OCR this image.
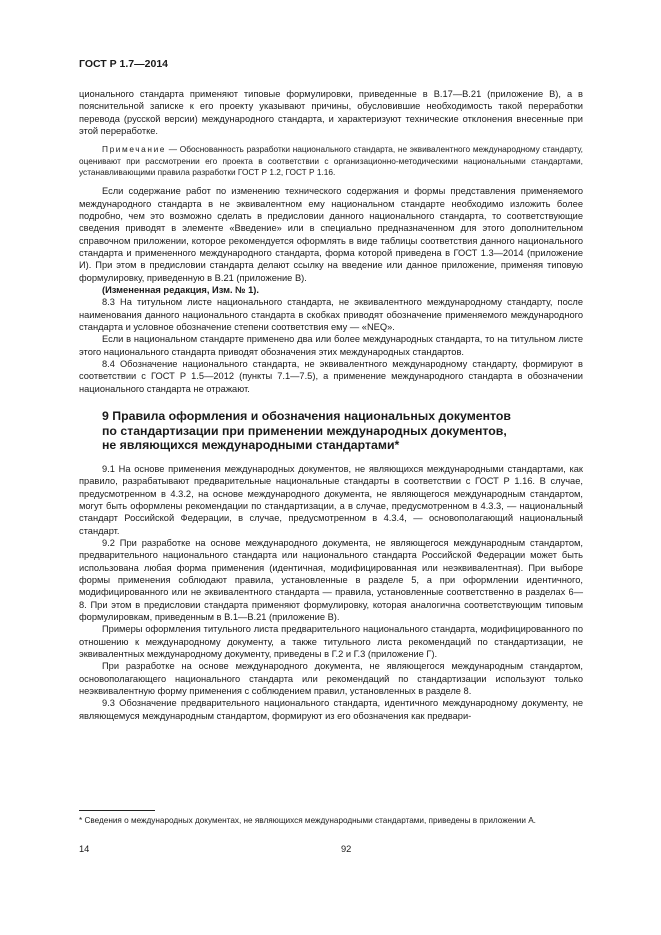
ГОСТ Р 1.7—2014

ционального стандарта применяют типовые формулировки, приведенные в В.17—В.21 (приложение В), а в пояснительной записке к его проекту указывают причины, обусловившие необходимость такой переработки перевода (русской версии) международного стандарта, и характеризуют технические отклонения внесенные при этой переработке.

Примечание — Обоснованность разработки национального стандарта, не эквивалентного международному стандарту, оценивают при рассмотрении его проекта в соответствии с организационно-методическими национальными стандартами, устанавливающими правила разработки ГОСТ Р 1.2, ГОСТ Р 1.16.

Если содержание работ по изменению технического содержания и формы представления применяемого международного стандарта в не эквивалентном ему национальном стандарте необходимо изложить более подробно, чем это возможно сделать в предисловии данного национального стандарта, то соответствующие сведения приводят в элементе «Введение» или в специально предназначенном для этого дополнительном справочном приложении, которое рекомендуется оформлять в виде таблицы соответствия данного национального стандарта и примененного международного стандарта, форма которой приведена в ГОСТ 1.3—2014 (приложение И). При этом в предисловии стандарта делают ссылку на введение или данное приложение, применяя типовую формулировку, приведенную в В.21 (приложение В).

(Измененная редакция, Изм. № 1).

8.3 На титульном листе национального стандарта, не эквивалентного международному стандарту, после наименования данного национального стандарта в скобках приводят обозначение применяемого международного стандарта и условное обозначение степени соответствия ему — «NEQ».

Если в национальном стандарте применено два или более международных стандарта, то на титульном листе этого национального стандарта приводят обозначения этих международных стандартов.

8.4 Обозначение национального стандарта, не эквивалентного международному стандарту, формируют в соответствии с ГОСТ Р 1.5—2012 (пункты 7.1—7.5), а применение международного стандарта в обозначении национального стандарта не отражают.

9 Правила оформления и обозначения национальных документов
по стандартизации при применении международных документов,
не являющихся международными стандартами*

9.1 На основе применения международных документов, не являющихся международными стандартами, как правило, разрабатывают предварительные национальные стандарты в соответствии с ГОСТ Р 1.16. В случае, предусмотренном в 4.3.2, на основе международного документа, не являющегося международным стандартом, могут быть оформлены рекомендации по стандартизации, а в случае, предусмотренном в 4.3.3, — национальный стандарт Российской Федерации, в случае, предусмотренном в 4.3.4, — основополагающий национальный стандарт.

9.2 При разработке на основе международного документа, не являющегося международным стандартом, предварительного национального стандарта или национального стандарта Российской Федерации может быть использована любая форма применения (идентичная, модифицированная или неэквивалентная). При выборе формы применения соблюдают правила, установленные в разделе 5, а при оформлении идентичного, модифицированного или не эквивалентного стандарта — правила, установленные соответственно в разделах 6—8. При этом в предисловии стандарта применяют формулировку, которая аналогична соответствующим типовым формулировкам, приведенным в В.1—В.21 (приложение В).

Примеры оформления титульного листа предварительного национального стандарта, модифицированного по отношению к международному документу, а также титульного листа рекомендаций по стандартизации, не эквивалентных международному документу, приведены в Г.2 и Г.3 (приложение Г).

При разработке на основе международного документа, не являющегося международным стандартом, основополагающего национального стандарта или рекомендаций по стандартизации используют только неэквивалентную форму применения с соблюдением правил, установленных в разделе 8.

9.3 Обозначение предварительного национального стандарта, идентичного международному документу, не являющемуся международным стандартом, формируют из его обозначения как предвари-

* Сведения о международных документах, не являющихся международными стандартами, приведены в приложении А.
14	92
